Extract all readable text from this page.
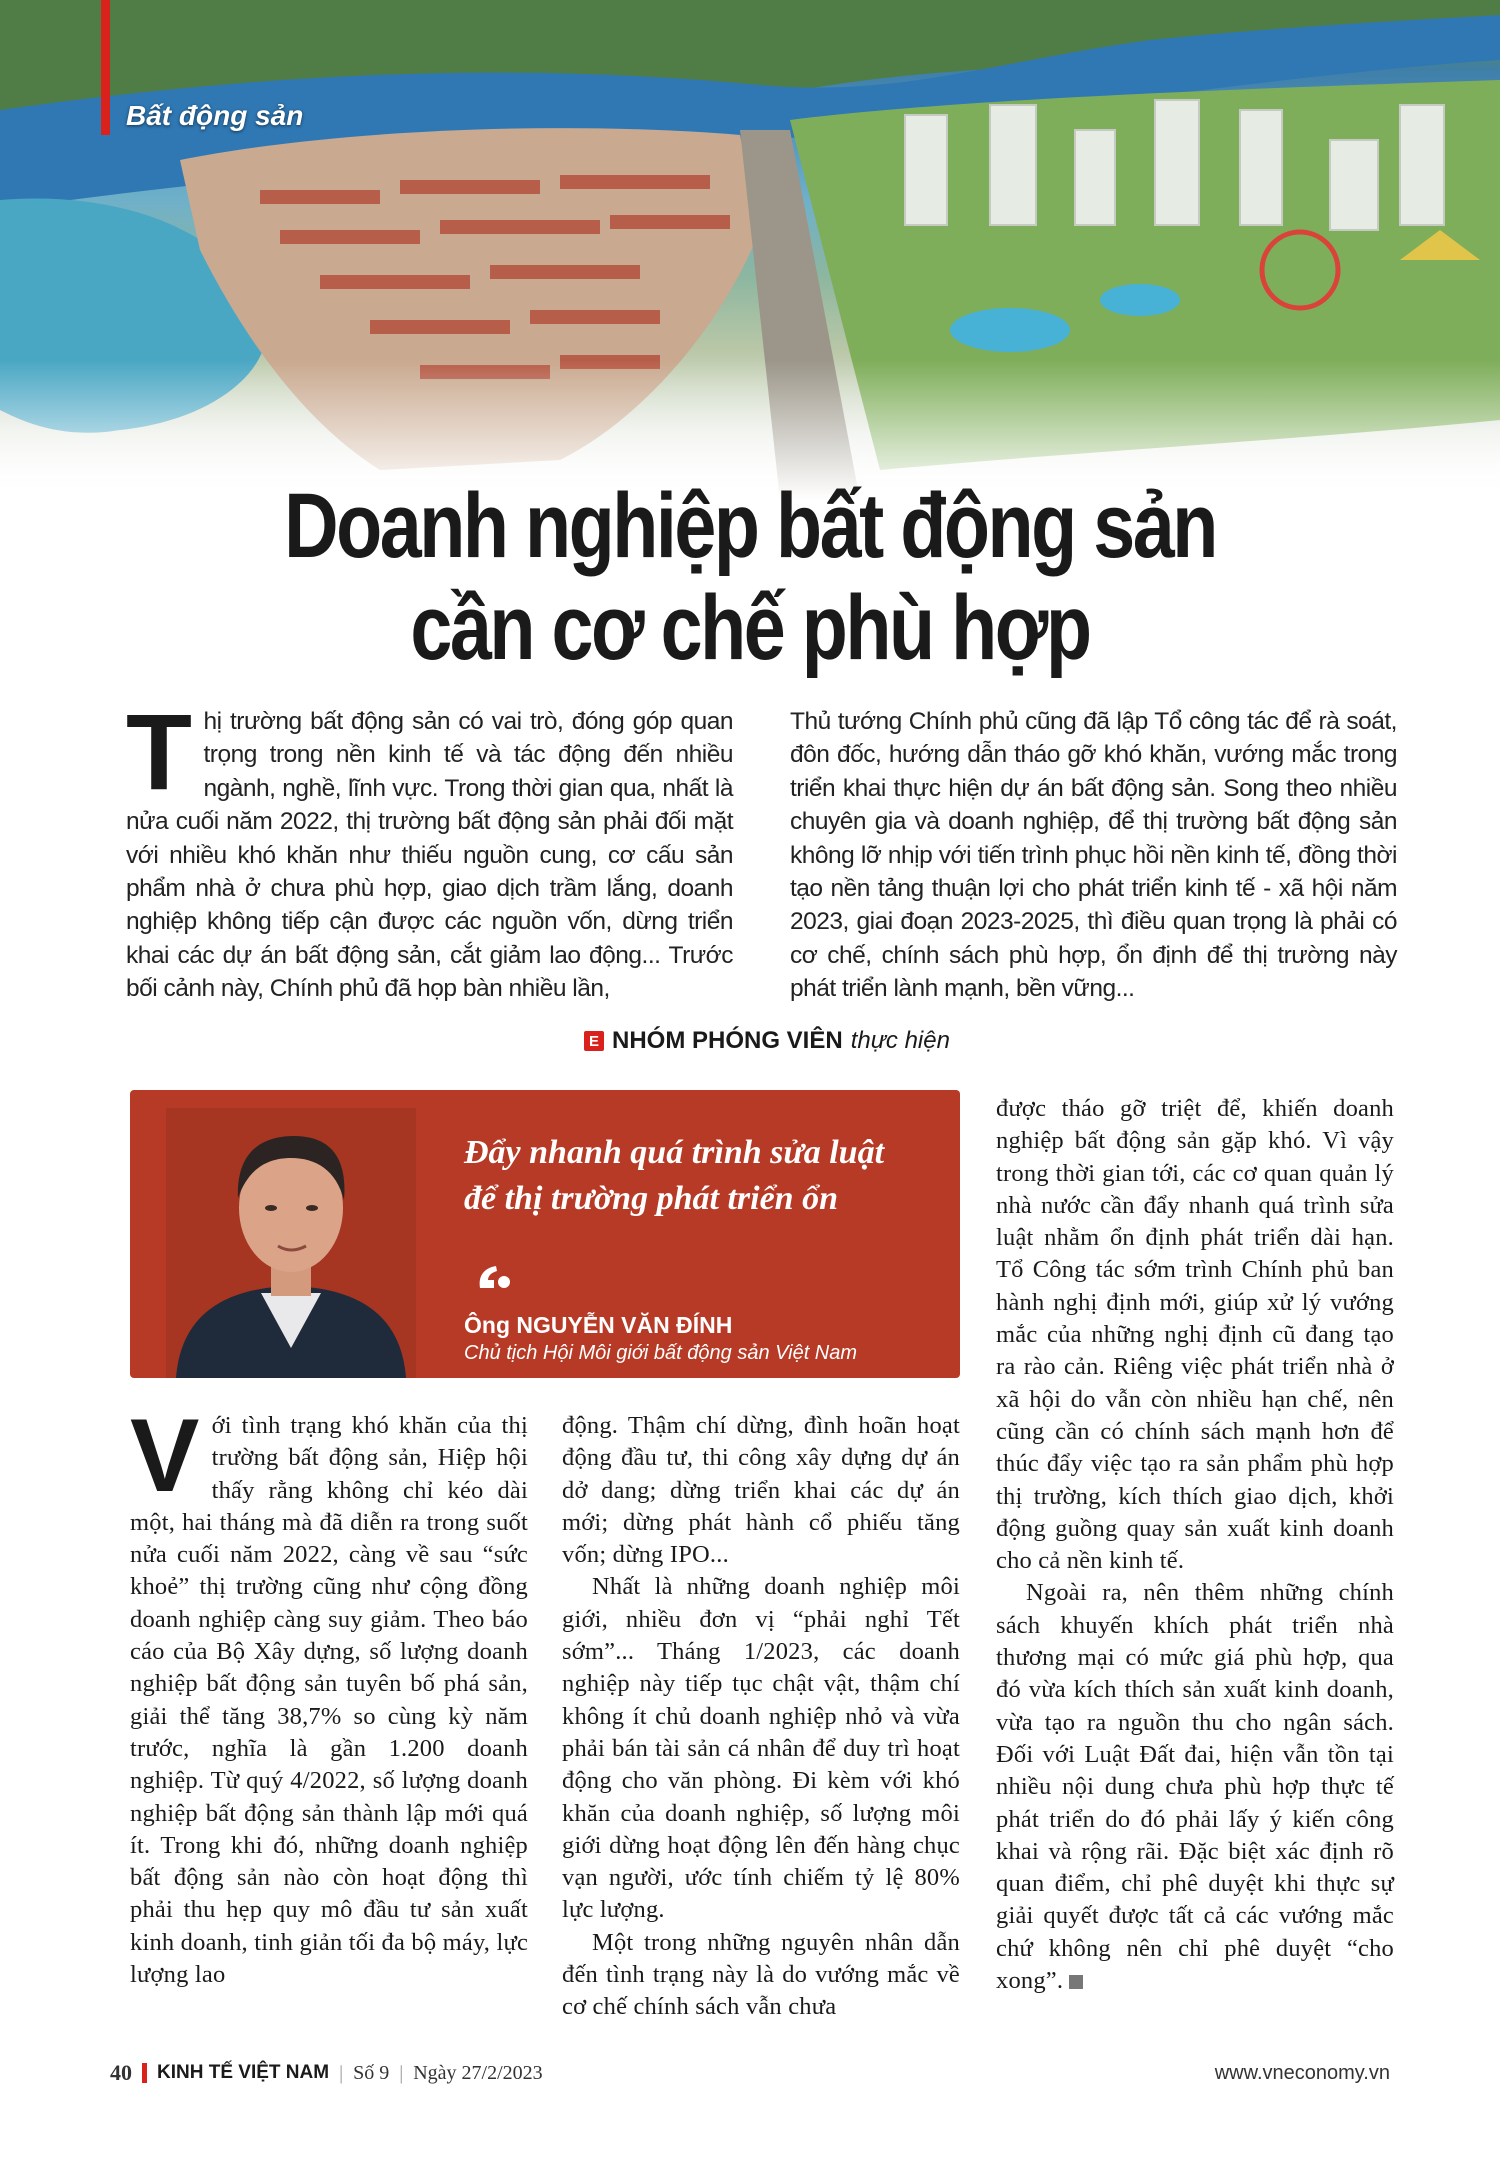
Bất động sản
Doanh nghiệp bất động sản
cần cơ chế phù hợp
Thị trường bất động sản có vai trò, đóng góp quan trọng trong nền kinh tế và tác động đến nhiều ngành, nghề, lĩnh vực. Trong thời gian qua, nhất là nửa cuối năm 2022, thị trường bất động sản phải đối mặt với nhiều khó khăn như thiếu nguồn cung, cơ cấu sản phẩm nhà ở chưa phù hợp, giao dịch trầm lắng, doanh nghiệp không tiếp cận được các nguồn vốn, dừng triển khai các dự án bất động sản, cắt giảm lao động... Trước bối cảnh này, Chính phủ đã họp bàn nhiều lần,
Thủ tướng Chính phủ cũng đã lập Tổ công tác để rà soát, đôn đốc, hướng dẫn tháo gỡ khó khăn, vướng mắc trong triển khai thực hiện dự án bất động sản. Song theo nhiều chuyên gia và doanh nghiệp, để thị trường bất động sản không lỡ nhịp với tiến trình phục hồi nền kinh tế, đồng thời tạo nền tảng thuận lợi cho phát triển kinh tế - xã hội năm 2023, giai đoạn 2023-2025, thì điều quan trọng là phải có cơ chế, chính sách phù hợp, ổn định để thị trường này phát triển lành mạnh, bền vững...
E NHÓM PHÓNG VIÊN thực hiện
Đẩy nhanh quá trình sửa luật
để thị trường phát triển ổn
Ông NGUYỄN VĂN ĐÍNH
Chủ tịch Hội Môi giới bất động sản Việt Nam

Với tình trạng khó khăn của thị trường bất động sản, Hiệp hội thấy rằng không chỉ kéo dài một, hai tháng mà đã diễn ra trong suốt nửa cuối năm 2022, càng về sau “sức khoẻ” thị trường cũng như cộng đồng doanh nghiệp càng suy giảm. Theo báo cáo của Bộ Xây dựng, số lượng doanh nghiệp bất động sản tuyên bố phá sản, giải thể tăng 38,7% so cùng kỳ năm trước, nghĩa là gần 1.200 doanh nghiệp. Từ quý 4/2022, số lượng doanh nghiệp bất động sản thành lập mới quá ít. Trong khi đó, những doanh nghiệp bất động sản nào còn hoạt động thì phải thu hẹp quy mô đầu tư sản xuất kinh doanh, tinh giản tối đa bộ máy, lực lượng lao

động. Thậm chí dừng, đình hoãn hoạt động đầu tư, thi công xây dựng dự án dở dang; dừng triển khai các dự án mới; dừng phát hành cổ phiếu tăng vốn; dừng IPO...

Nhất là những doanh nghiệp môi giới, nhiều đơn vị “phải nghỉ Tết sớm”... Tháng 1/2023, các doanh nghiệp này tiếp tục chật vật, thậm chí không ít chủ doanh nghiệp nhỏ và vừa phải bán tài sản cá nhân để duy trì hoạt động cho văn phòng. Đi kèm với khó khăn của doanh nghiệp, số lượng môi giới dừng hoạt động lên đến hàng chục vạn người, ước tính chiếm tỷ lệ 80% lực lượng.

Một trong những nguyên nhân dẫn đến tình trạng này là do vướng mắc về cơ chế chính sách vẫn chưa

được tháo gỡ triệt để, khiến doanh nghiệp bất động sản gặp khó. Vì vậy trong thời gian tới, các cơ quan quản lý nhà nước cần đẩy nhanh quá trình sửa luật nhằm ổn định phát triển dài hạn. Tổ Công tác sớm trình Chính phủ ban hành nghị định mới, giúp xử lý vướng mắc của những nghị định cũ đang tạo ra rào cản. Riêng việc phát triển nhà ở xã hội do vẫn còn nhiều hạn chế, nên cũng cần có chính sách mạnh hơn để thúc đẩy việc tạo ra sản phẩm phù hợp thị trường, kích thích giao dịch, khởi động guồng quay sản xuất kinh doanh cho cả nền kinh tế.

Ngoài ra, nên thêm những chính sách khuyến khích phát triển nhà thương mại có mức giá phù hợp, qua đó vừa kích thích sản xuất kinh doanh, vừa tạo ra nguồn thu cho ngân sách. Đối với Luật Đất đai, hiện vẫn tồn tại nhiều nội dung chưa phù hợp thực tế phát triển do đó phải lấy ý kiến công khai và rộng rãi. Đặc biệt xác định rõ quan điểm, chỉ phê duyệt khi thực sự giải quyết được tất cả các vướng mắc chứ không nên chỉ phê duyệt “cho xong”.

40 KINH TẾ VIỆT NAM | Số 9 | Ngày 27/2/2023	www.vneconomy.vn
